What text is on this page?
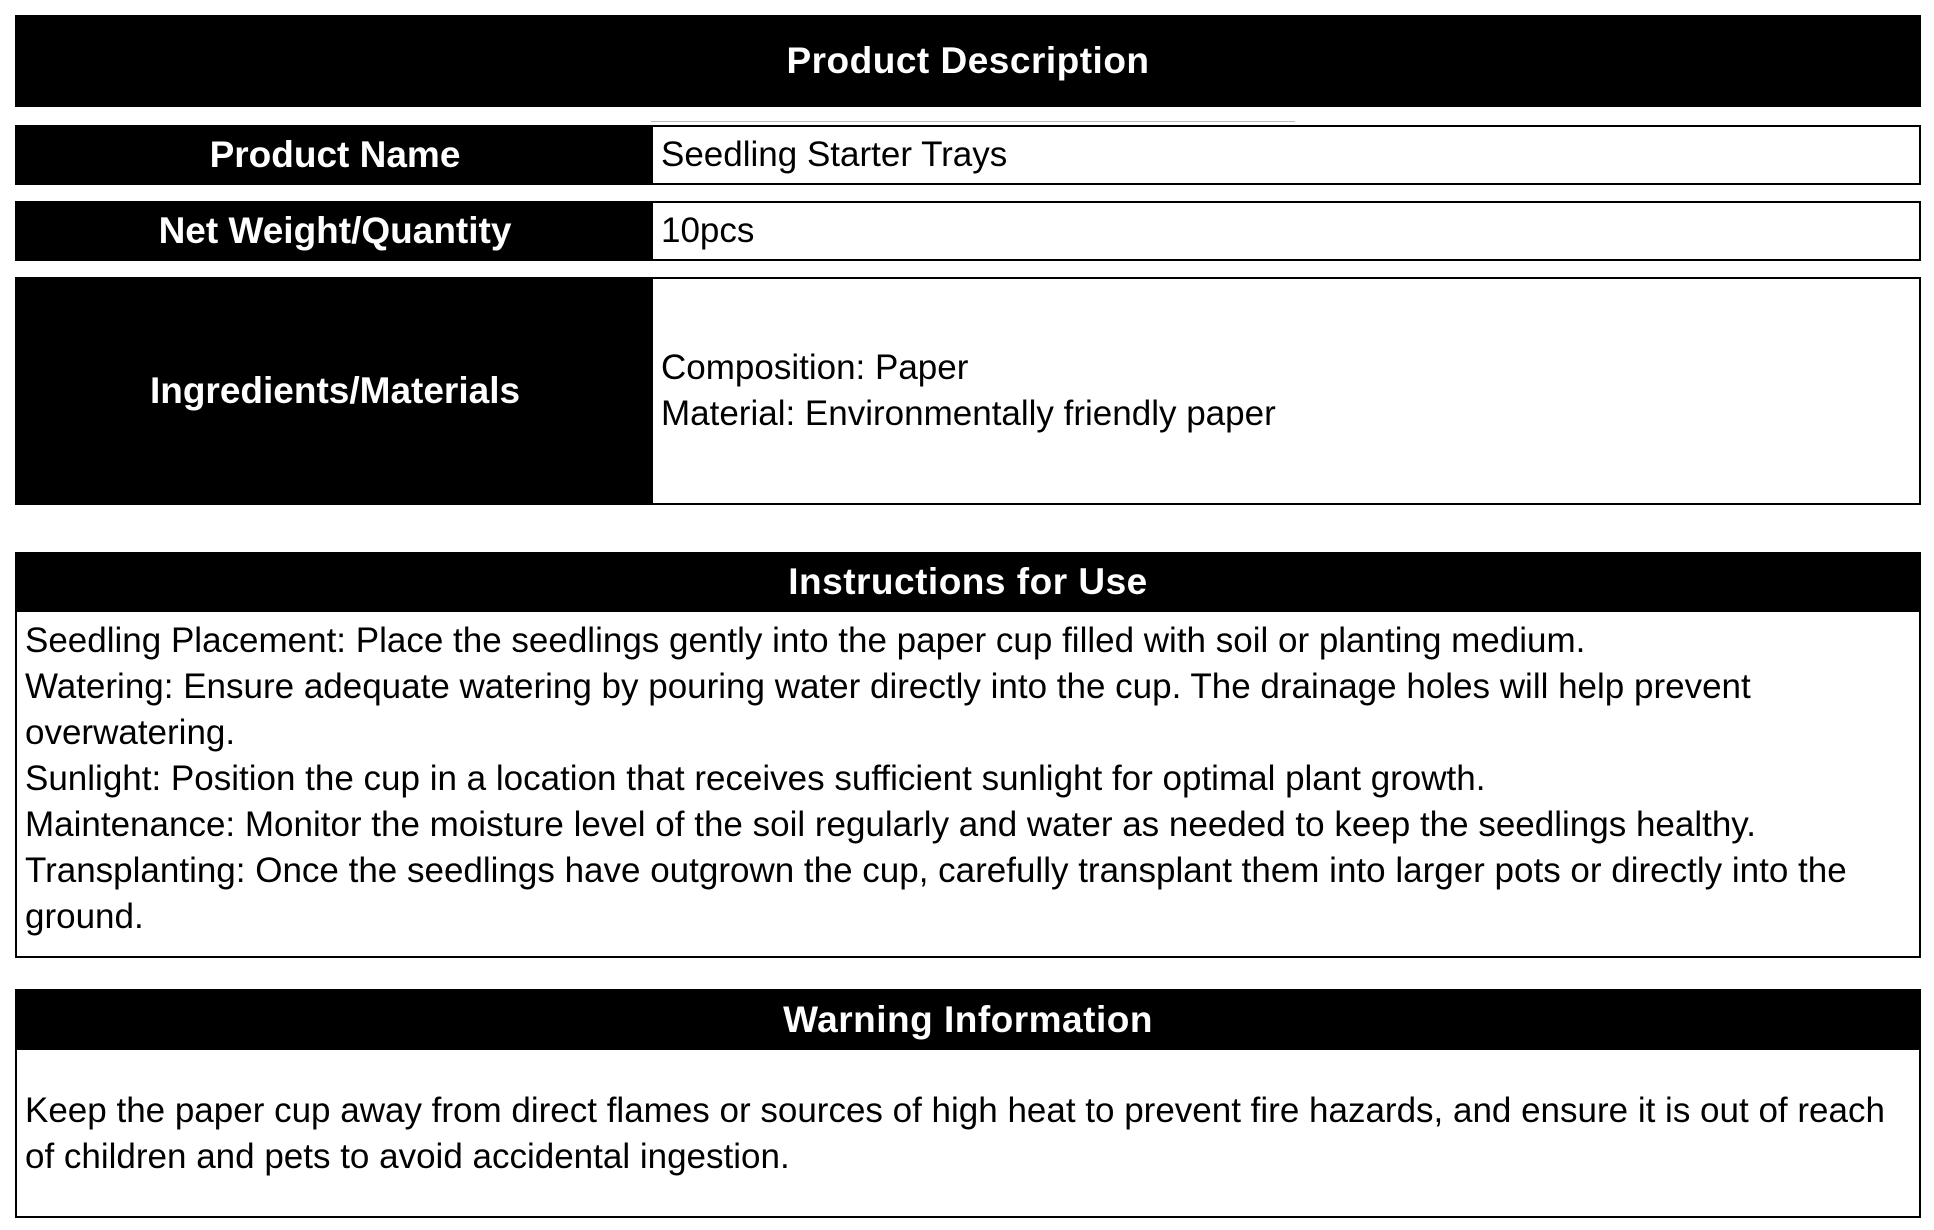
Product Description
Product Name	Seedling Starter Trays
Net Weight/Quantity	10pcs
Ingredients/Materials
Composition: Paper
Material: Environmentally friendly paper
Instructions for Use

Seedling Placement: Place the seedlings gently into the paper cup filled with soil or planting medium.

Watering: Ensure adequate watering by pouring water directly into the cup. The drainage holes will help prevent overwatering.

Sunlight: Position the cup in a location that receives sufficient sunlight for optimal plant growth.

Maintenance: Monitor the moisture level of the soil regularly and water as needed to keep the seedlings healthy.

Transplanting: Once the seedlings have outgrown the cup, carefully transplant them into larger pots or directly into the ground.

Warning Information

Keep the paper cup away from direct flames or sources of high heat to prevent fire hazards, and ensure it is out of reach of children and pets to avoid accidental ingestion.
